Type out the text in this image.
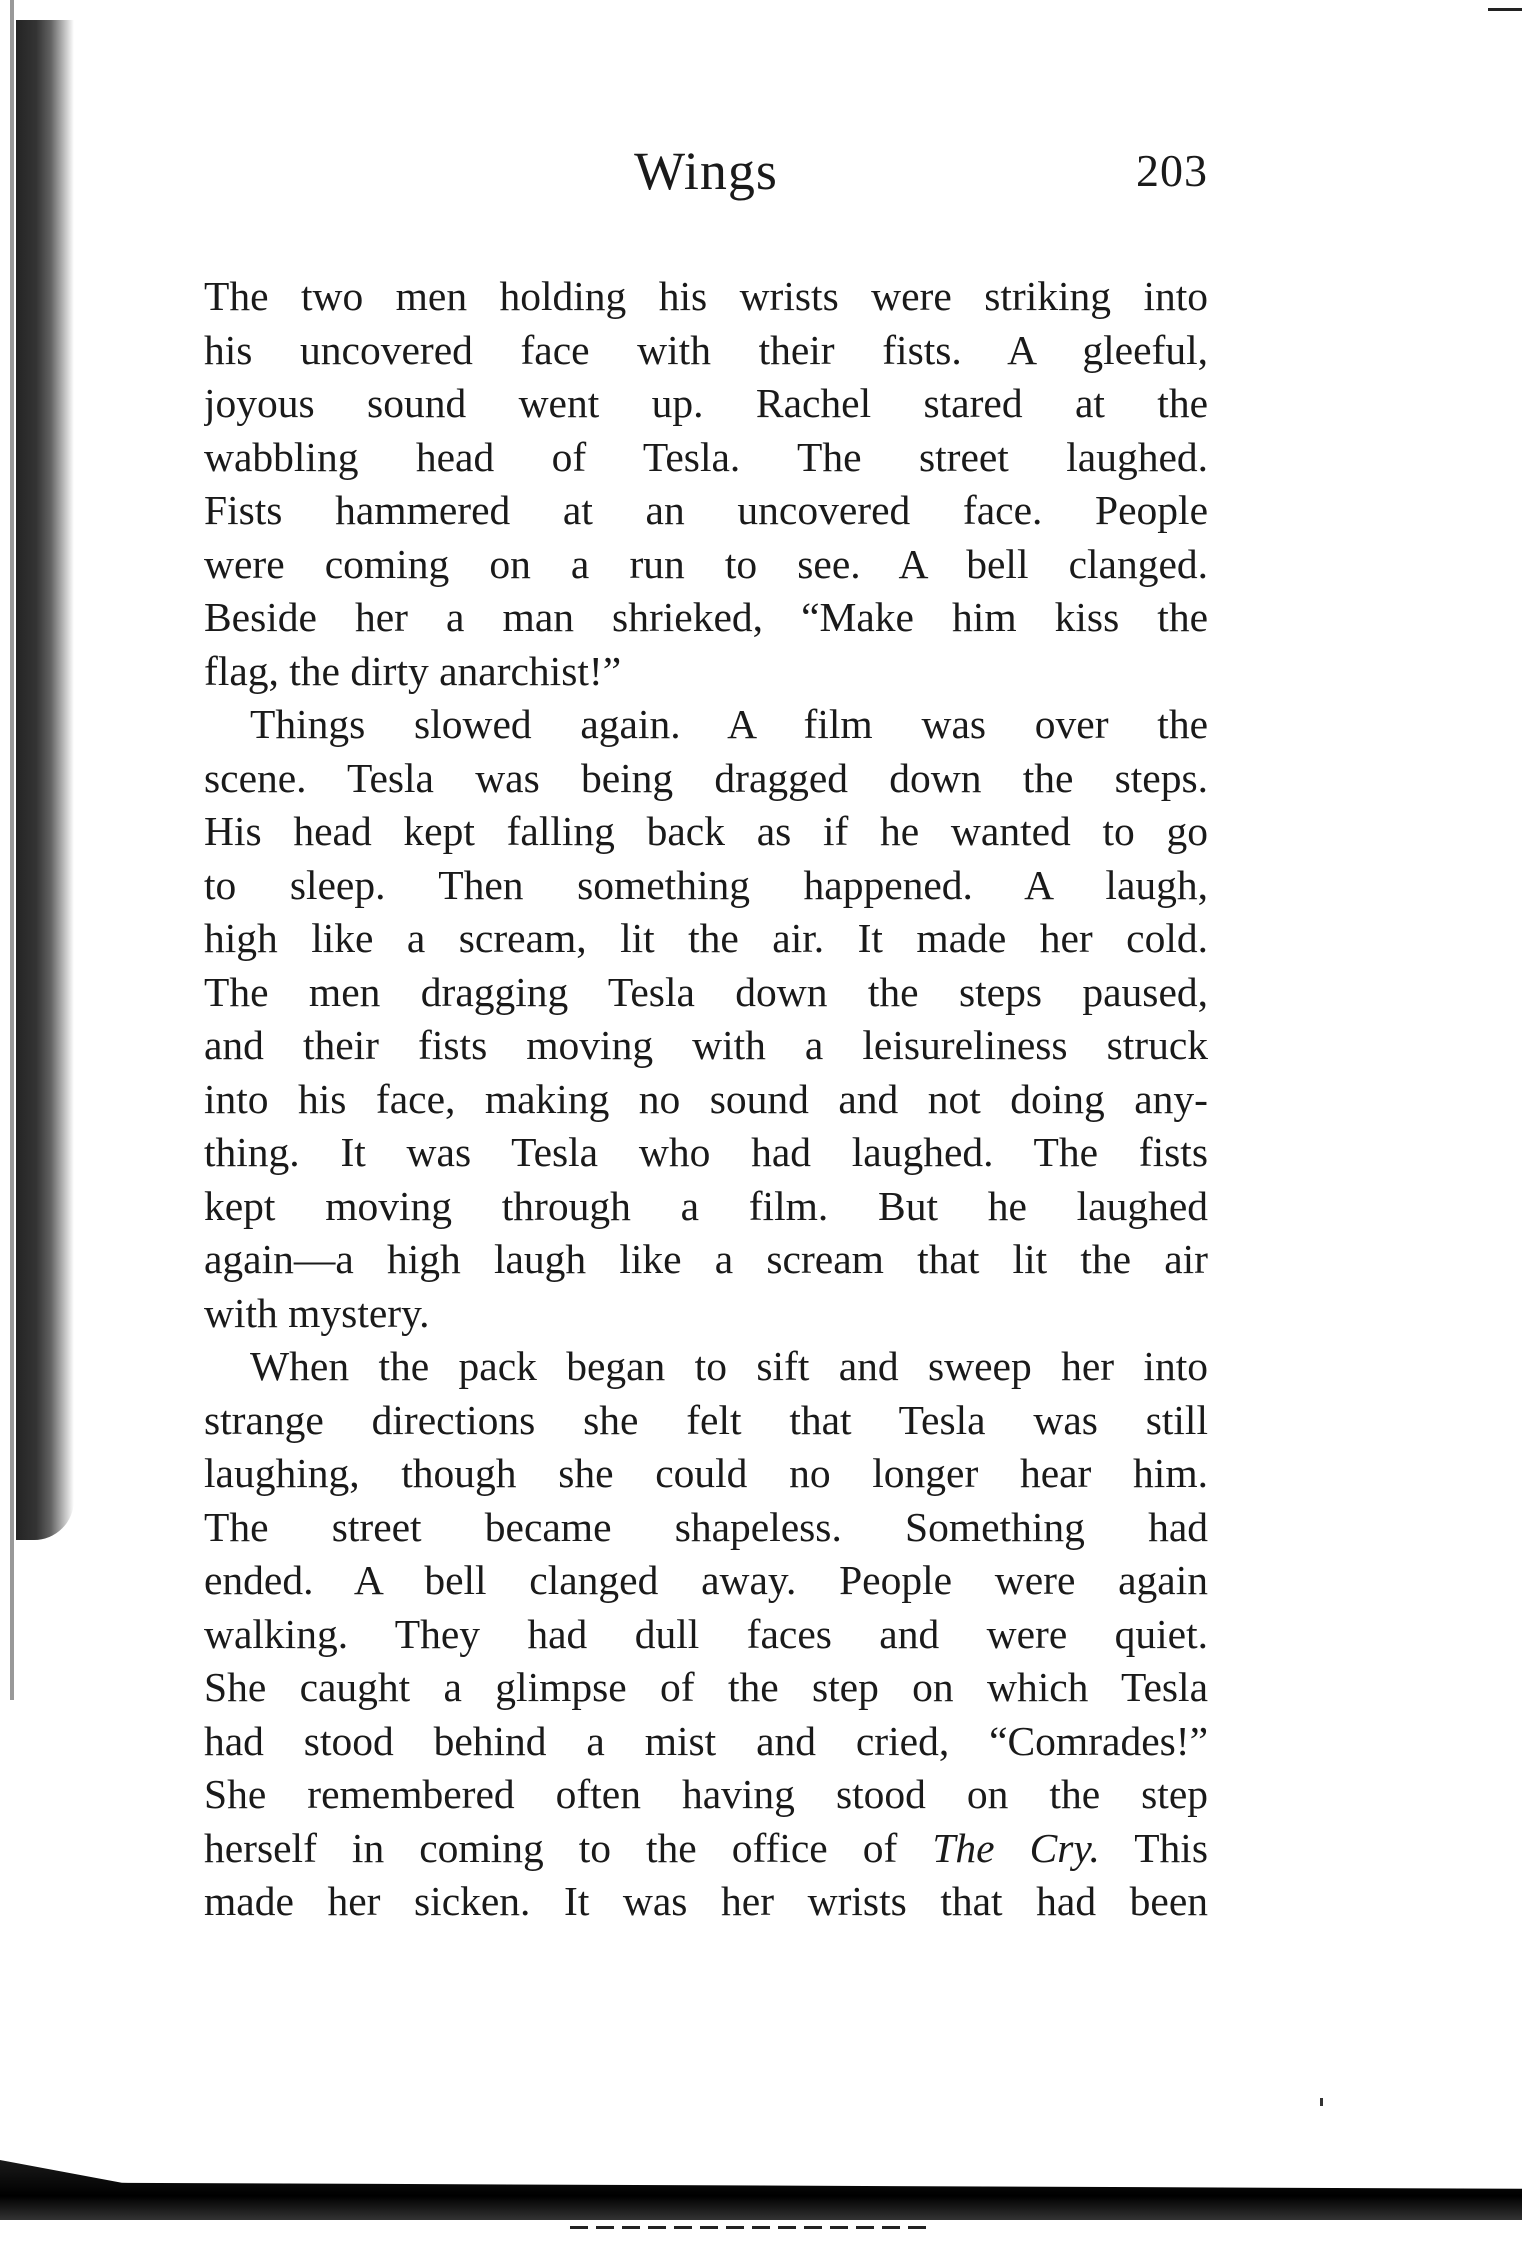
Wings	203
The two men holding his wrists were striking into
his uncovered face with their fists. A gleeful,
joyous sound went up. Rachel stared at the
wabbling head of Tesla. The street laughed.
Fists hammered at an uncovered face. People
were coming on a run to see. A bell clanged.
Beside her a man shrieked, “Make him kiss the
flag, the dirty anarchist!”
Things slowed again. A film was over the
scene. Tesla was being dragged down the steps.
His head kept falling back as if he wanted to go
to sleep. Then something happened. A laugh,
high like a scream, lit the air. It made her cold.
The men dragging Tesla down the steps paused,
and their fists moving with a leisureliness struck
into his face, making no sound and not doing any-
thing. It was Tesla who had laughed. The fists
kept moving through a film. But he laughed
again—a high laugh like a scream that lit the air
with mystery.
When the pack began to sift and sweep her into
strange directions she felt that Tesla was still
laughing, though she could no longer hear him.
The street became shapeless. Something had
ended. A bell clanged away. People were again
walking. They had dull faces and were quiet.
She caught a glimpse of the step on which Tesla
had stood behind a mist and cried, “Comrades!”
She remembered often having stood on the step
herself in coming to the office of The Cry. This
made her sicken. It was her wrists that had been
